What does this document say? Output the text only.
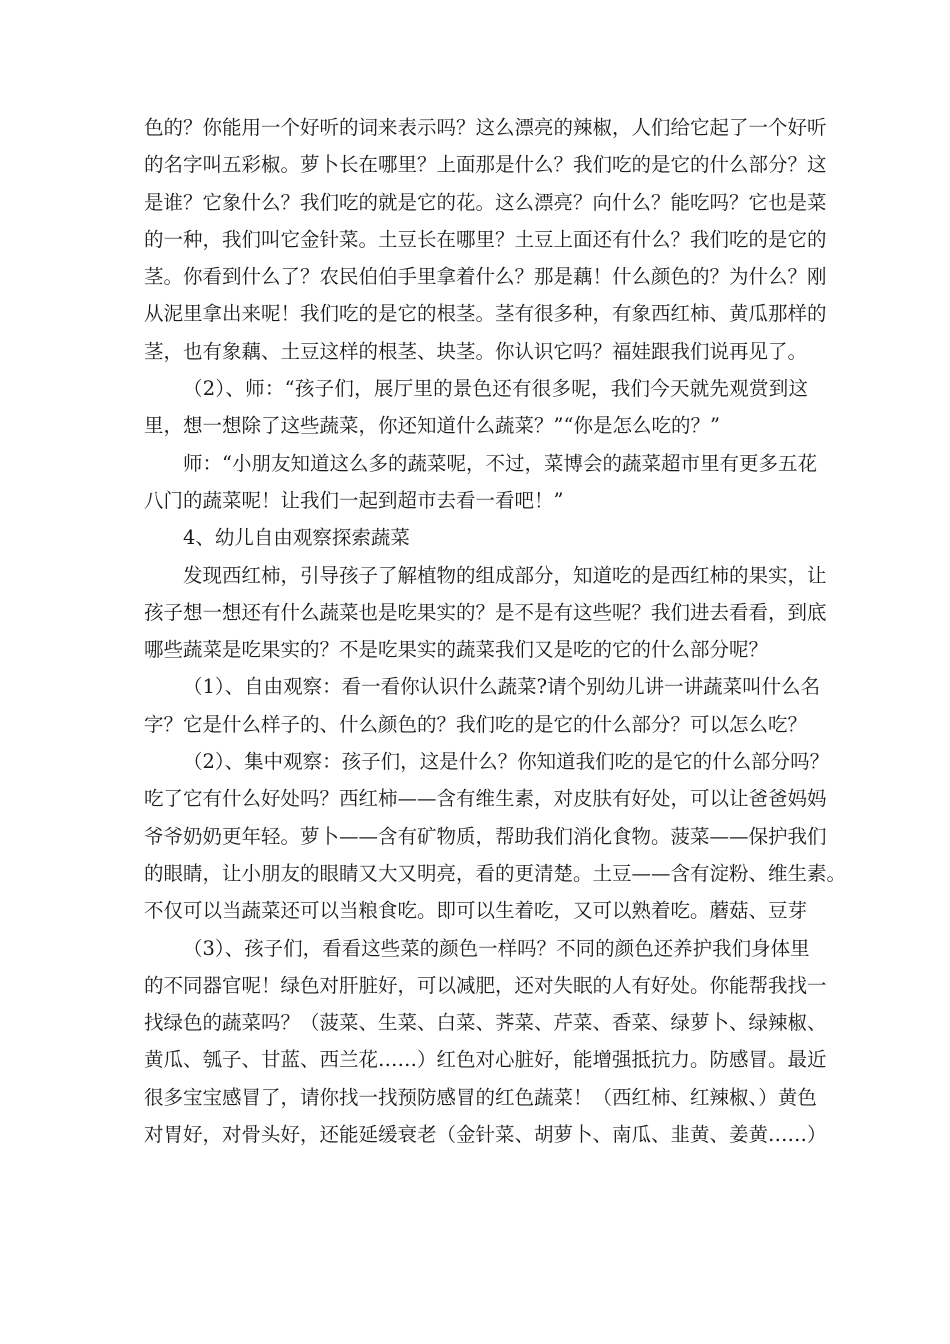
色的？你能用一个好听的词来表示吗？这么漂亮的辣椒，人们给它起了一个好听
的名字叫五彩椒。萝卜长在哪里？上面那是什么？我们吃的是它的什么部分？这
是谁？它象什么？我们吃的就是它的花。这么漂亮？向什么？能吃吗？它也是菜
的一种，我们叫它金针菜。土豆长在哪里？土豆上面还有什么？我们吃的是它的
茎。你看到什么了？农民伯伯手里拿着什么？那是藕！什么颜色的？为什么？刚
从泥里拿出来呢！我们吃的是它的根茎。茎有很多种，有象西红柿、黄瓜那样的
茎，也有象藕、土豆这样的根茎、块茎。你认识它吗？福娃跟我们说再见了。
（2）、师：“孩子们，展厅里的景色还有很多呢，我们今天就先观赏到这
里，想一想除了这些蔬菜，你还知道什么蔬菜？”“你是怎么吃的？”
师：“小朋友知道这么多的蔬菜呢，不过，菜博会的蔬菜超市里有更多五花
八门的蔬菜呢！让我们一起到超市去看一看吧！”
4、幼儿自由观察探索蔬菜
发现西红柿，引导孩子了解植物的组成部分，知道吃的是西红柿的果实，让
孩子想一想还有什么蔬菜也是吃果实的？是不是有这些呢？我们进去看看，到底
哪些蔬菜是吃果实的？不是吃果实的蔬菜我们又是吃的它的什么部分呢？
（1）、自由观察：看一看你认识什么蔬菜?请个别幼儿讲一讲蔬菜叫什么名
字？它是什么样子的、什么颜色的？我们吃的是它的什么部分？可以怎么吃？
（2）、集中观察：孩子们，这是什么？你知道我们吃的是它的什么部分吗？
吃了它有什么好处吗？西红柿——含有维生素，对皮肤有好处，可以让爸爸妈妈
爷爷奶奶更年轻。萝卜——含有矿物质，帮助我们消化食物。菠菜——保护我们
的眼睛，让小朋友的眼睛又大又明亮，看的更清楚。土豆——含有淀粉、维生素。
不仅可以当蔬菜还可以当粮食吃。即可以生着吃，又可以熟着吃。蘑菇、豆芽
（3）、孩子们，看看这些菜的颜色一样吗？不同的颜色还养护我们身体里
的不同器官呢！绿色对肝脏好，可以减肥，还对失眠的人有好处。你能帮我找一
找绿色的蔬菜吗？（菠菜、生菜、白菜、荠菜、芹菜、香菜、绿萝卜、绿辣椒、
黄瓜、瓠子、甘蓝、西兰花……）红色对心脏好，能增强抵抗力。防感冒。最近
很多宝宝感冒了，请你找一找预防感冒的红色蔬菜！（西红柿、红辣椒、）黄色
对胃好，对骨头好，还能延缓衰老（金针菜、胡萝卜、南瓜、韭黄、姜黄……）
